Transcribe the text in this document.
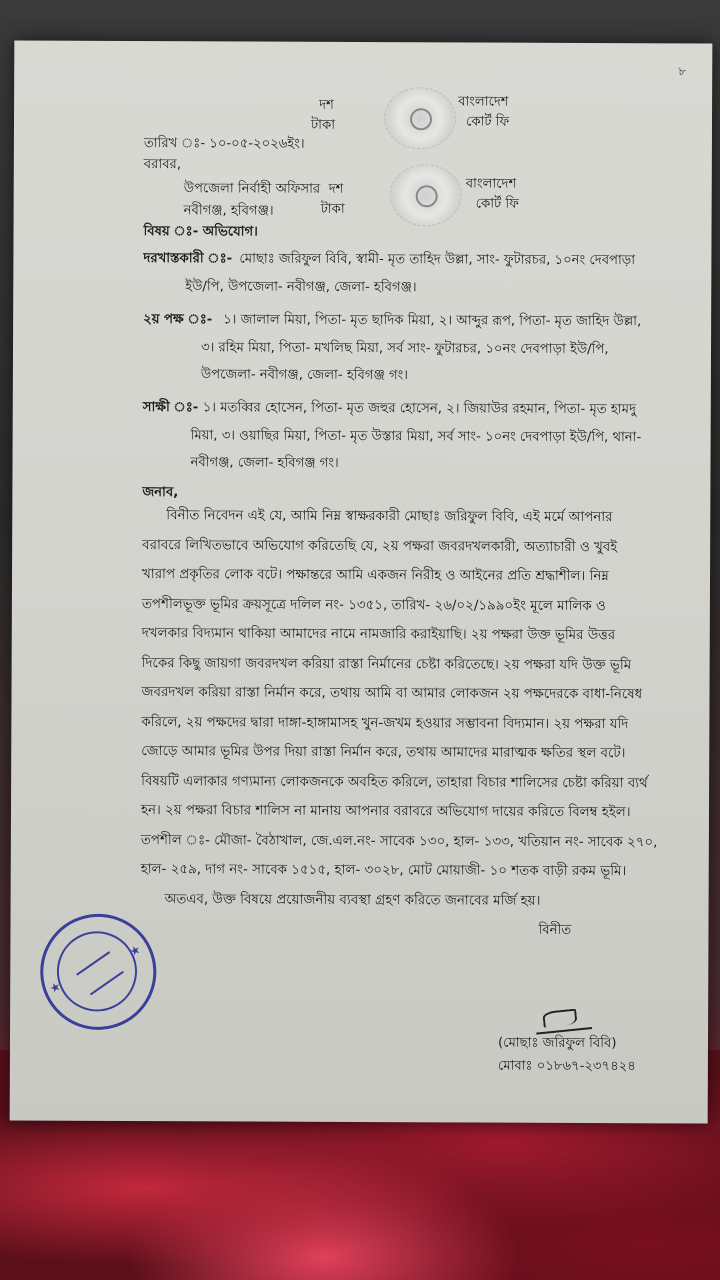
৮
দশ
টাকা
বাংলাদেশ
কোর্ট ফি
তারিখ ঃ- ১০-০৫-২০২৬ইং।
বরাবর,
উপজেলা নির্বাহী অফিসার
নবীগঞ্জ, হবিগঞ্জ।
দশ
টাকা
বাংলাদেশ
কোর্ট ফি
বিষয় ঃ- অভিযোগ।
দরখাস্তকারী ঃ- মোছাঃ জরিফুল বিবি, স্বামী- মৃত তাহিদ উল্লা, সাং- ফুটারচর, ১০নং দেবপাড়া
ইউ/পি, উপজেলা- নবীগঞ্জ, জেলা- হবিগঞ্জ।
২য় পক্ষ ঃ- ১। জালাল মিয়া, পিতা- মৃত ছাদিক মিয়া, ২। আব্দুর রূপ, পিতা- মৃত জাহিদ উল্লা,
৩। রহিম মিয়া, পিতা- মখলিছ মিয়া, সর্ব সাং- ফুটারচর, ১০নং দেবপাড়া ইউ/পি,
উপজেলা- নবীগঞ্জ, জেলা- হবিগঞ্জ গং।
সাক্ষী ঃ- ১। মতব্বির হোসেন, পিতা- মৃত জহুর হোসেন, ২। জিয়াউর রহমান, পিতা- মৃত হামদু
মিয়া, ৩। ওয়াছির মিয়া, পিতা- মৃত উস্তার মিয়া, সর্ব সাং- ১০নং দেবপাড়া ইউ/পি, থানা-
নবীগঞ্জ, জেলা- হবিগঞ্জ গং।
জনাব,
বিনীত নিবেদন এই যে, আমি নিম্ন স্বাক্ষরকারী মোছাঃ জরিফুল বিবি, এই মর্মে আপনার
বরাবরে লিখিতভাবে অভিযোগ করিতেছি যে, ২য় পক্ষরা জবরদখলকারী, অত্যাচারী ও খুবই
খারাপ প্রকৃতির লোক বটে। পক্ষান্তরে আমি একজন নিরীহ ও আইনের প্রতি শ্রদ্ধাশীল। নিম্ন
তপশীলভূক্ত ভূমির ক্রয়সূত্রে দলিল নং- ১৩৫১, তারিখ- ২৬/০২/১৯৯০ইং মূলে মালিক ও
দখলকার বিদ্যমান থাকিয়া আমাদের নামে নামজারি করাইয়াছি। ২য় পক্ষরা উক্ত ভূমির উত্তর
দিকের কিছু জায়গা জবরদখল করিয়া রাস্তা নির্মানের চেষ্টা করিতেছে। ২য় পক্ষরা যদি উক্ত ভূমি
জবরদখল করিয়া রাস্তা নির্মান করে, তথায় আমি বা আমার লোকজন ২য় পক্ষদেরকে বাধা-নিষেধ
করিলে, ২য় পক্ষদের দ্বারা দাঙ্গা-হাঙ্গামাসহ খুন-জখম হওয়ার সম্ভাবনা বিদ্যমান। ২য় পক্ষরা যদি
জোড়ে আমার ভূমির উপর দিয়া রাস্তা নির্মান করে, তথায় আমাদের মারাত্মক ক্ষতির স্থল বটে।
বিষয়টি এলাকার গণ্যমান্য লোকজনকে অবহিত করিলে, তাহারা বিচার শালিসের চেষ্টা করিয়া ব্যর্থ
হন। ২য় পক্ষরা বিচার শালিস না মানায় আপনার বরাবরে অভিযোগ দায়ের করিতে বিলম্ব হইল।
তপশীল ঃ- মৌজা- বৈঠাখাল, জে.এল.নং- সাবেক ১৩০, হাল- ১৩৩, খতিয়ান নং- সাবেক ২৭০,
হাল- ২৫৯, দাগ নং- সাবেক ১৫১৫, হাল- ৩০২৮, মোট মোয়াজী- ১০ শতক বাড়ী রকম ভূমি।
অতএব, উক্ত বিষয়ে প্রয়োজনীয় ব্যবস্থা গ্রহণ করিতে জনাবের মর্জি হয়।
বিনীত
(মোছাঃ জরিফুল বিবি)
মোবাঃ ০১৮৬৭-২৩৭৪২৪
★
★
